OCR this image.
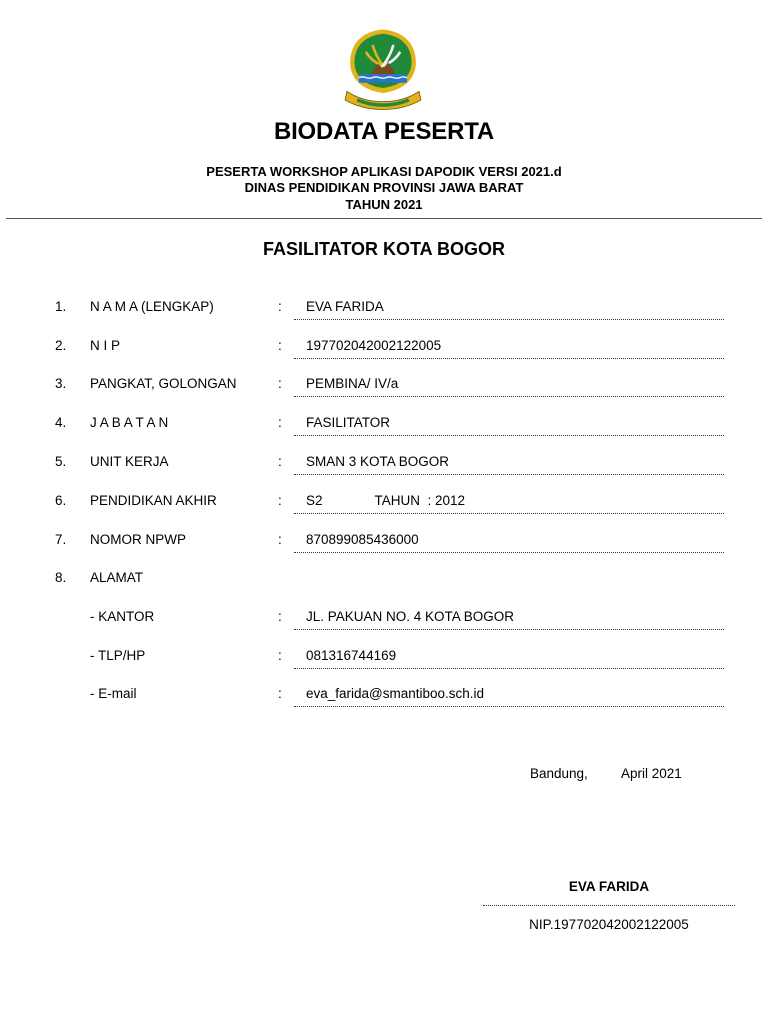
BIODATA PESERTA
PESERTA WORKSHOP APLIKASI DAPODIK VERSI 2021.d
DINAS PENDIDIKAN PROVINSI JAWA BARAT
TAHUN 2021
FASILITATOR KOTA BOGOR
1. N A M A (LENGKAP)	: EVA FARIDA
2. N I P	: 197702042002122005
3. PANGKAT, GOLONGAN	: PEMBINA/ IV/a
4. J A B A T A N	: FASILITATOR
5. UNIT KERJA	: SMAN 3 KOTA BOGOR
6. PENDIDIKAN AKHIR	: S2	TAHUN  : 2012
7. NOMOR NPWP	: 870899085436000
8. ALAMAT
- KANTOR	: JL. PAKUAN NO. 4 KOTA BOGOR
- TLP/HP	: 081316744169
- E-mail	: eva_farida@smantiboo.sch.id
Bandung, April 2021
EVA FARIDA
NIP.197702042002122005
